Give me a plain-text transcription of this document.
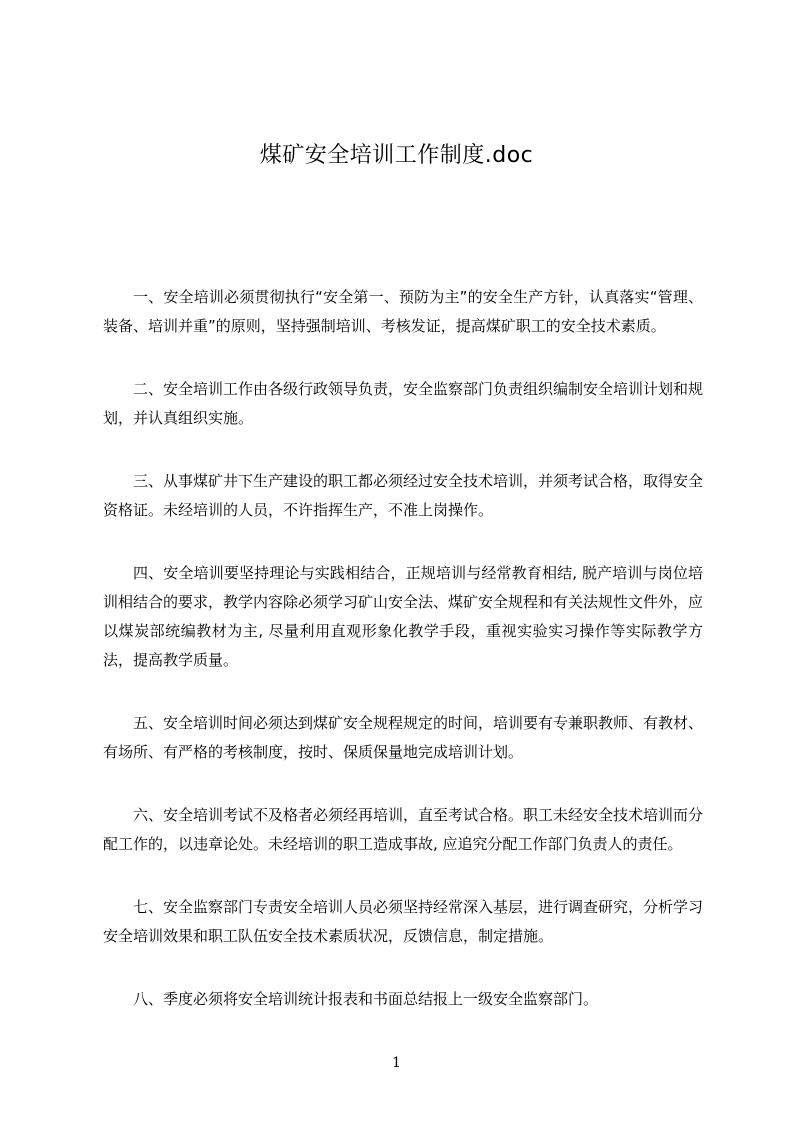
煤矿安全培训工作制度.doc

一、安全培训必须贯彻执行“安全第一、预防为主”的安全生产方针，认真落实“管理、装备、培训并重”的原则，坚持强制培训、考核发证，提高煤矿职工的安全技术素质。

二、安全培训工作由各级行政领导负责，安全监察部门负责组织编制安全培训计划和规划，并认真组织实施。

三、从事煤矿井下生产建设的职工都必须经过安全技术培训，并须考试合格，取得安全资格证。未经培训的人员，不许指挥生产，不准上岗操作。

四、安全培训要坚持理论与实践相结合，正规培训与经常教育相结, 脱产培训与岗位培训相结合的要求，教学内容除必须学习矿山安全法、煤矿安全规程和有关法规性文件外，应以煤炭部统编教材为主, 尽量利用直观形象化教学手段，重视实验实习操作等实际教学方法，提高教学质量。

五、安全培训时间必须达到煤矿安全规程规定的时间，培训要有专兼职教师、有教材、有场所、有严格的考核制度，按时、保质保量地完成培训计划。

六、安全培训考试不及格者必须经再培训，直至考试合格。职工未经安全技术培训而分配工作的，以违章论处。未经培训的职工造成事故, 应追究分配工作部门负责人的责任。

七、安全监察部门专责安全培训人员必须坚持经常深入基层，进行调查研究，分析学习安全培训效果和职工队伍安全技术素质状况，反馈信息，制定措施。

八、季度必须将安全培训统计报表和书面总结报上一级安全监察部门。

1
